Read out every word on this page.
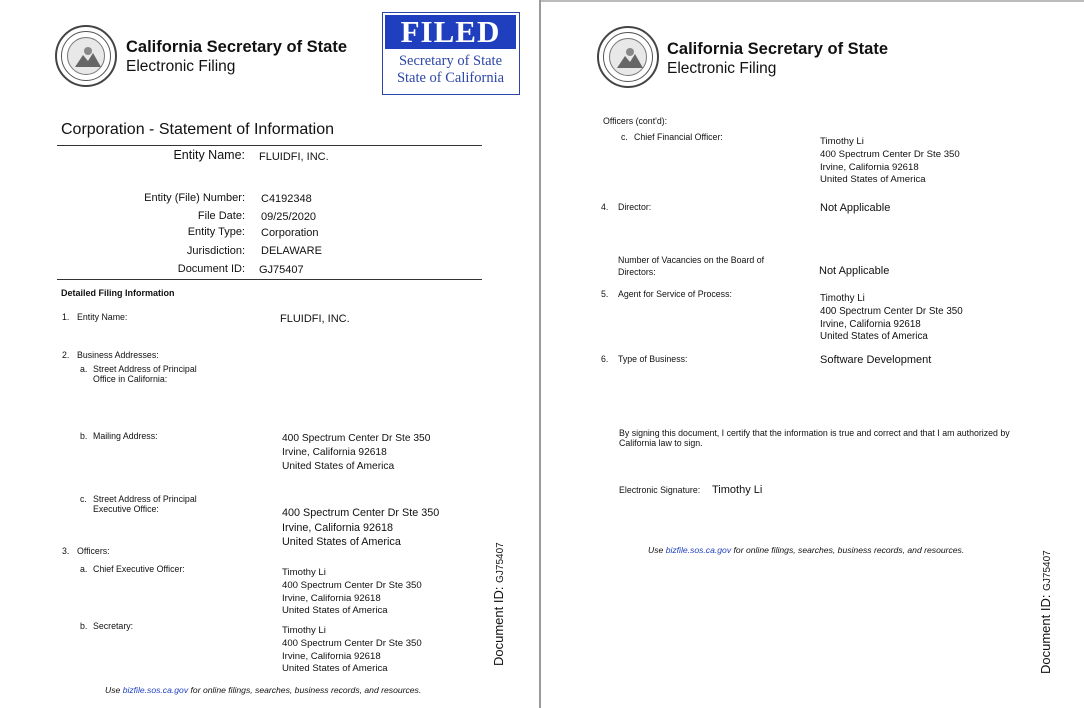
California Secretary of State
Electronic Filing
FILED
Secretary of State
State of California
Corporation - Statement of Information
Entity Name: FLUIDFI, INC.
Entity (File) Number: C4192348
File Date: 09/25/2020
Entity Type: Corporation
Jurisdiction: DELAWARE
Document ID: GJ75407
Detailed Filing Information
1. Entity Name:	FLUIDFI, INC.
2. Business Addresses:
a. Street Address of Principal
Office in California:
b. Mailing Address:	400 Spectrum Center Dr Ste 350
Irvine, California 92618
United States of America
c. Street Address of Principal
Executive Office:	400 Spectrum Center Dr Ste 350
Irvine, California 92618
United States of America
3. Officers:
a. Chief Executive Officer:	Timothy Li
400 Spectrum Center Dr Ste 350
Irvine, California 92618
United States of America
b. Secretary:	Timothy Li
400 Spectrum Center Dr Ste 350
Irvine, California 92618
United States of America
Document ID: GJ75407
Use bizfile.sos.ca.gov for online filings, searches, business records, and resources.
California Secretary of State
Electronic Filing
Officers (cont'd):
c. Chief Financial Officer:	Timothy Li
400 Spectrum Center Dr Ste 350
Irvine, California 92618
United States of America
4. Director:	Not Applicable
Number of Vacancies on the Board of
Directors:	Not Applicable
5. Agent for Service of Process:	Timothy Li
400 Spectrum Center Dr Ste 350
Irvine, California 92618
United States of America
6. Type of Business:	Software Development
By signing this document, I certify that the information is true and correct and that I am authorized by
California law to sign.
Electronic Signature: Timothy Li
Use bizfile.sos.ca.gov for online filings, searches, business records, and resources.
Document ID: GJ75407
